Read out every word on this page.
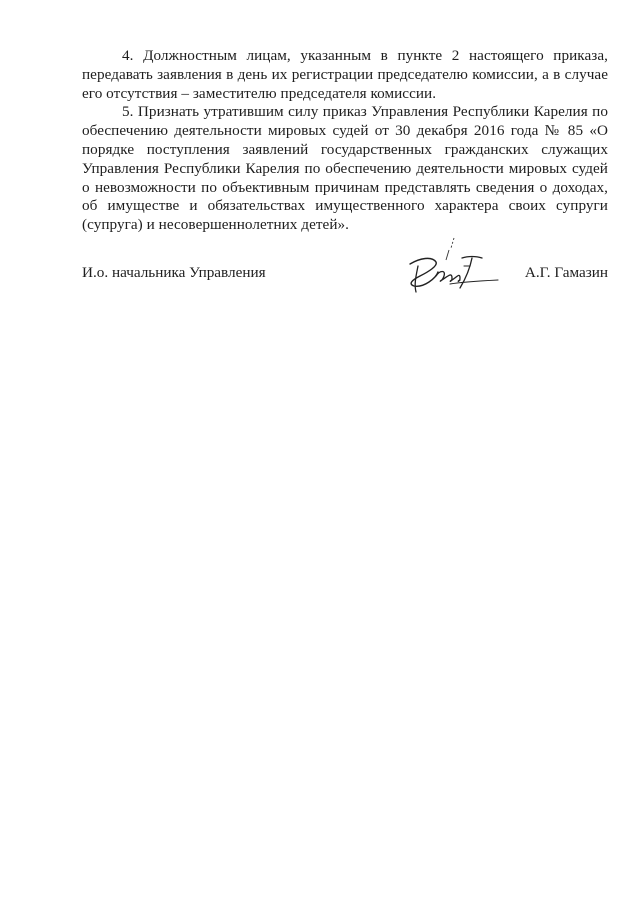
4. Должностным лицам, указанным в пункте 2 настоящего приказа, передавать заявления в день их регистрации председателю комиссии, а в случае его отсутствия – заместителю председателя комиссии.

5. Признать утратившим силу приказ Управления Республики Карелия по обеспечению деятельности мировых судей от 30 декабря 2016 года № 85 «О порядке поступления заявлений государственных гражданских служащих Управления Республики Карелия по обеспечению деятельности мировых судей о невозможности по объективным причинам представлять сведения о доходах, об имуществе и обязательствах имущественного характера своих супруги (супруга) и несовершеннолетних детей».

И.о. начальника Управления	А.Г. Гамазин
